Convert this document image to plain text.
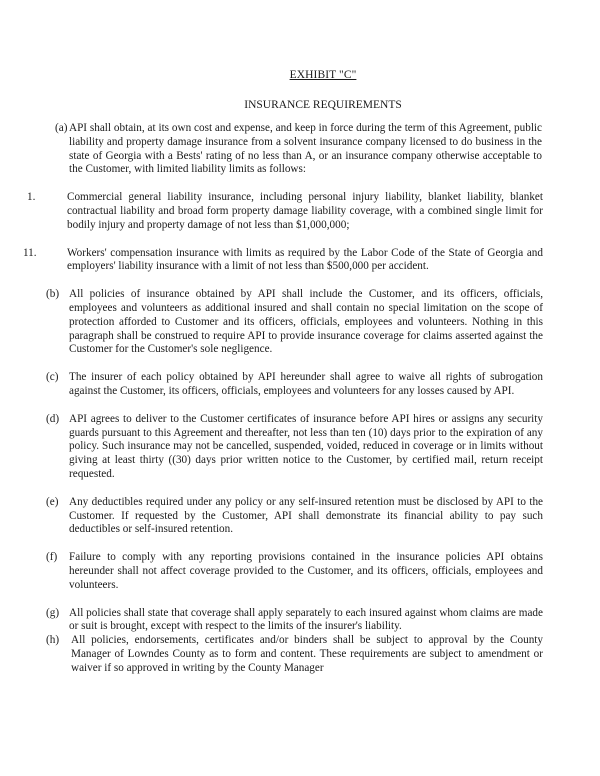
EXHIBIT "C"
INSURANCE REQUIREMENTS
(a) API shall obtain, at its own cost and expense, and keep in force during the term of this Agreement, public liability and property damage insurance from a solvent insurance company licensed to do business in the state of Georgia with a Bests' rating of no less than A, or an insurance company otherwise acceptable to the Customer, with limited liability limits as follows:
1.	Commercial general liability insurance, including personal injury liability, blanket liability, blanket contractual liability and broad form property damage liability coverage, with a combined single limit for bodily injury and property damage of not less than $1,000,000;
11.	Workers' compensation insurance with limits as required by the Labor Code of the State of Georgia and employers' liability insurance with a limit of not less than $500,000 per accident.
(b) All policies of insurance obtained by API shall include the Customer, and its officers, officials, employees and volunteers as additional insured and shall contain no special limitation on the scope of protection afforded to Customer and its officers, officials, employees and volunteers. Nothing in this paragraph shall be construed to require API to provide insurance coverage for claims asserted against the Customer for the Customer's sole negligence.
(c) The insurer of each policy obtained by API hereunder shall agree to waive all rights of subrogation against the Customer, its officers, officials, employees and volunteers for any losses caused by API.
(d) API agrees to deliver to the Customer certificates of insurance before API hires or assigns any security guards pursuant to this Agreement and thereafter, not less than ten (10) days prior to the expiration of any policy. Such insurance may not be cancelled, suspended, voided, reduced in coverage or in limits without giving at least thirty ((30) days prior written notice to the Customer, by certified mail, return receipt requested.
(e) Any deductibles required under any policy or any self-insured retention must be disclosed by API to the Customer. If requested by the Customer, API shall demonstrate its financial ability to pay such deductibles or self-insured retention.
(f) Failure to comply with any reporting provisions contained in the insurance policies API obtains hereunder shall not affect coverage provided to the Customer, and its officers, officials, employees and volunteers.
(g) All policies shall state that coverage shall apply separately to each insured against whom claims are made or suit is brought, except with respect to the limits of the insurer's liability.
(h) All policies, endorsements, certificates and/or binders shall be subject to approval by the County Manager of Lowndes County as to form and content. These requirements are subject to amendment or waiver if so approved in writing by the County Manager
